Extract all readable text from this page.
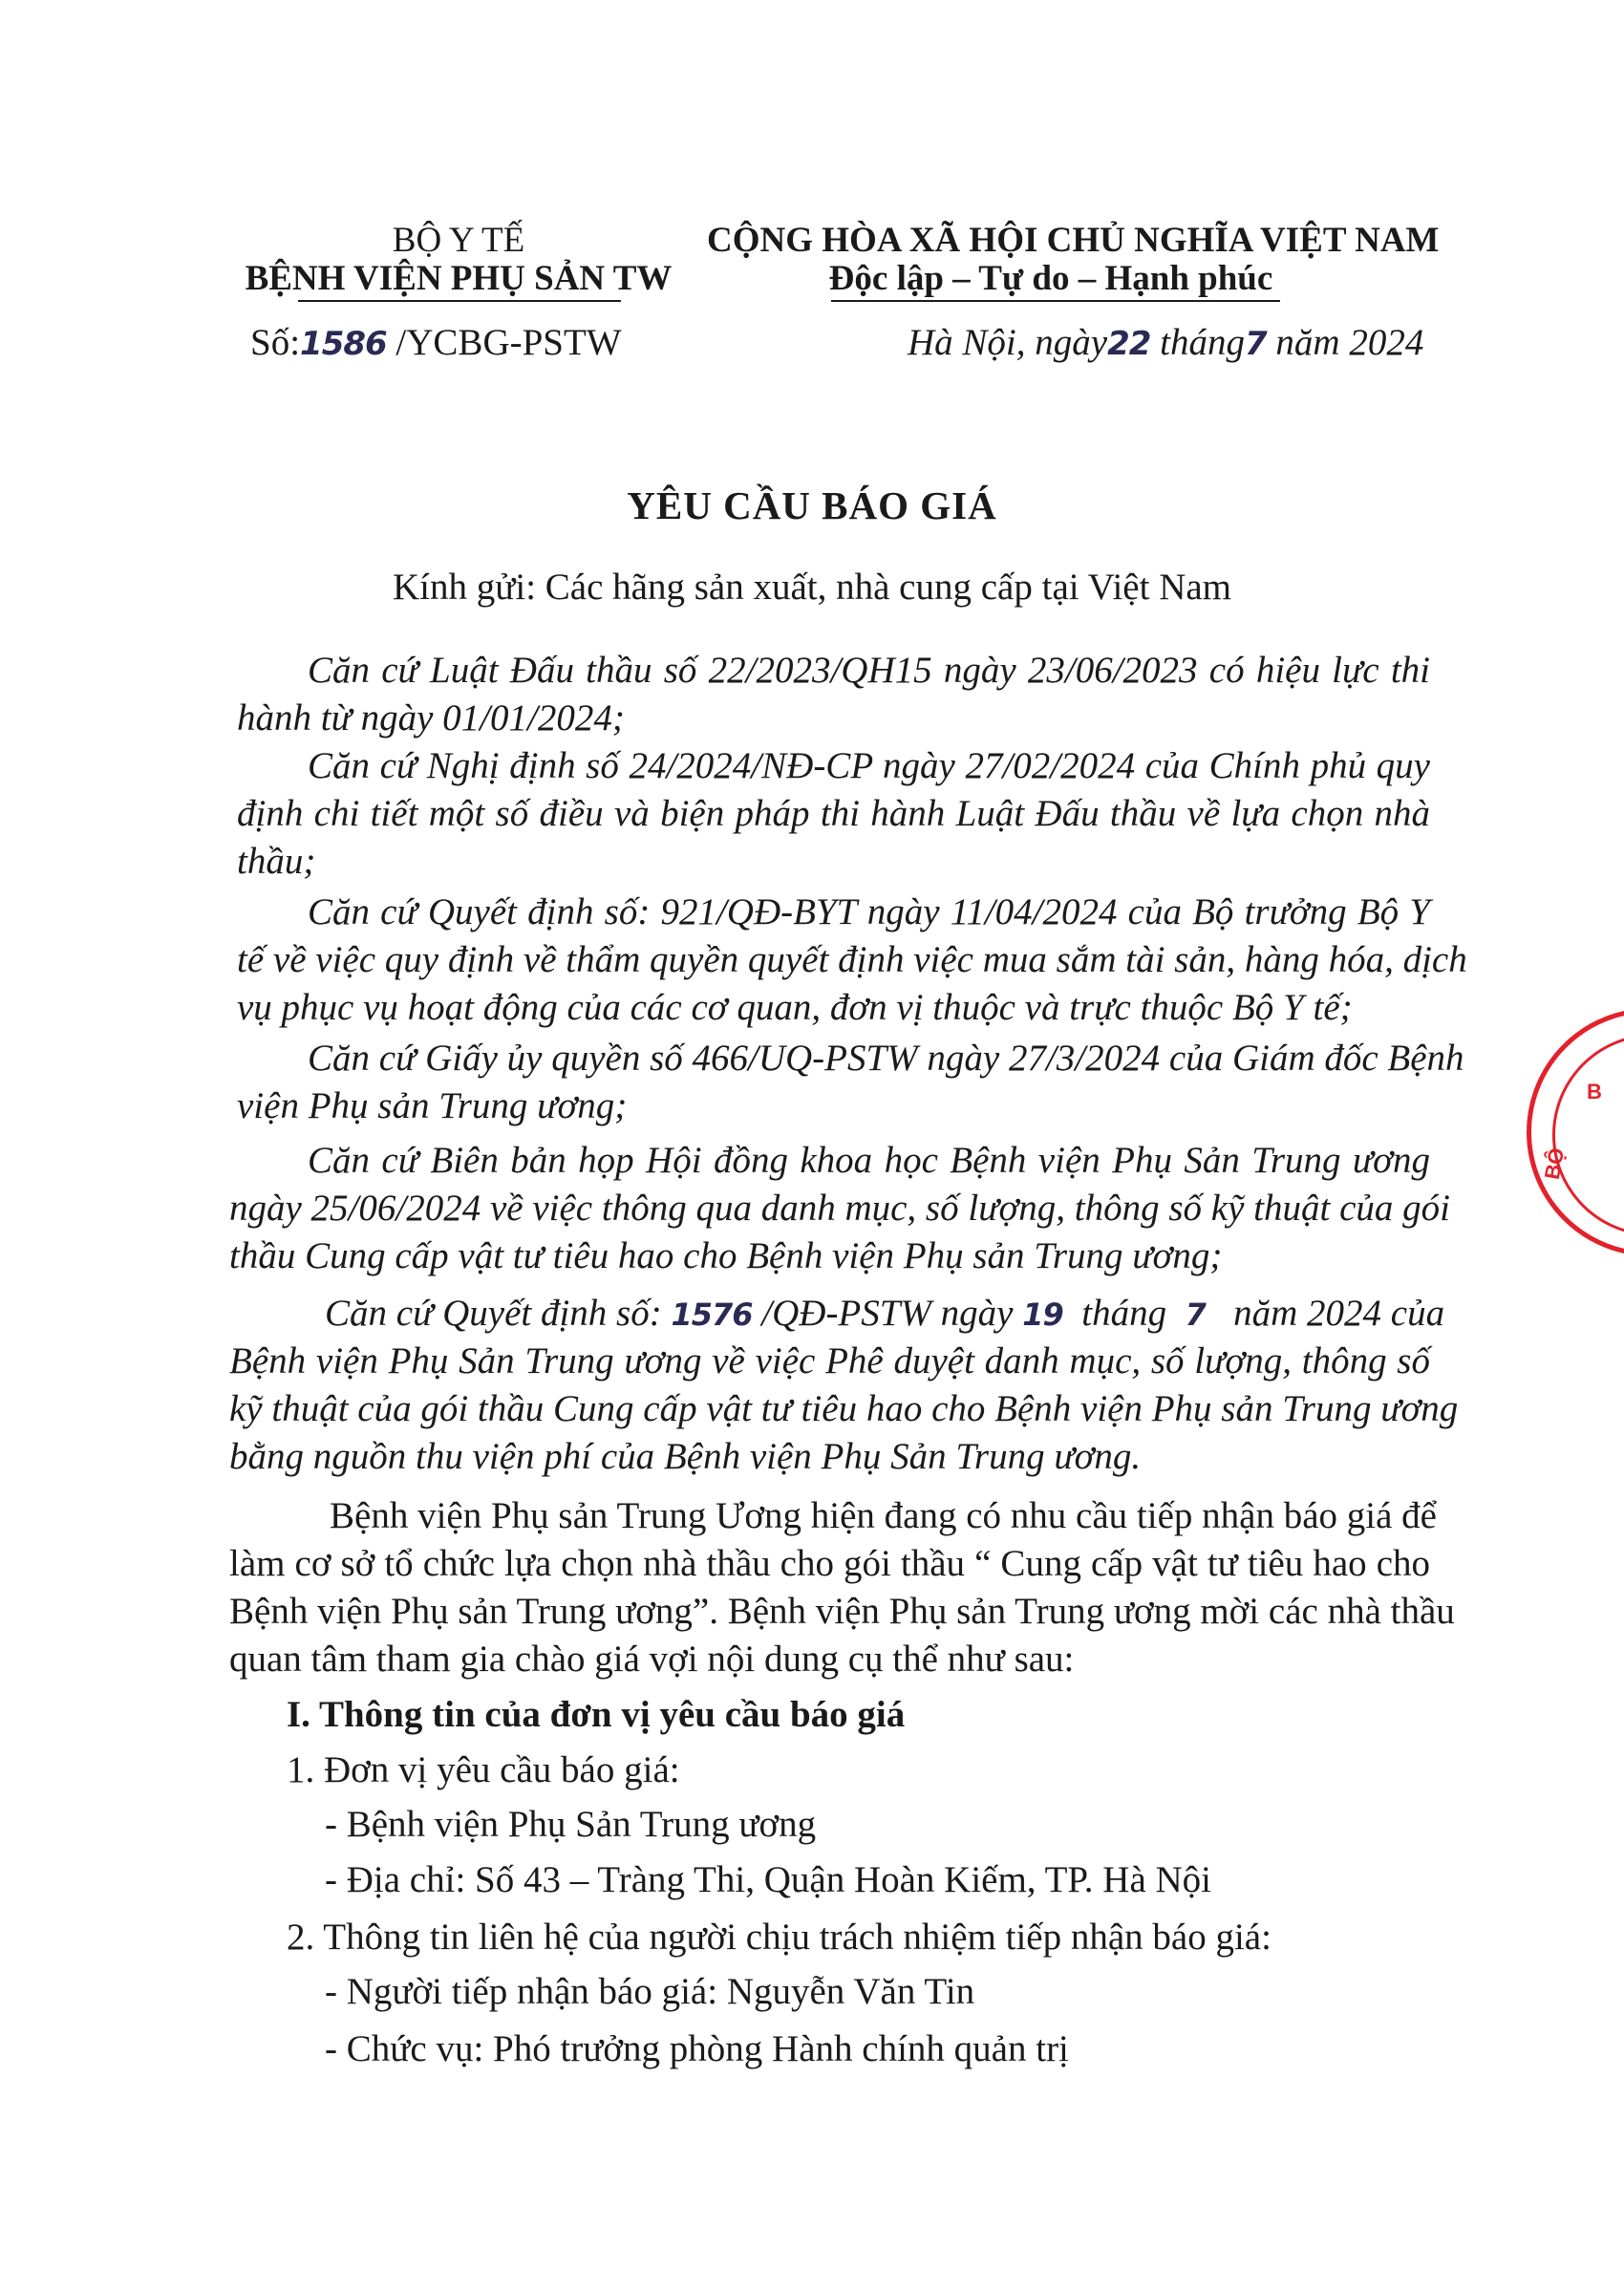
BỘ Y TẾ
BỆNH VIỆN PHỤ SẢN TW
Số:1586 /YCBG-PSTW
CỘNG HÒA XÃ HỘI CHỦ NGHĨA VIỆT NAM
Độc lập – Tự do – Hạnh phúc
Hà Nội, ngày22 tháng7 năm 2024
YÊU CẦU BÁO GIÁ
Kính gửi: Các hãng sản xuất, nhà cung cấp tại Việt Nam
Căn cứ Luật Đấu thầu số 22/2023/QH15 ngày 23/06/2023 có hiệu lực thi
hành từ ngày 01/01/2024;
Căn cứ Nghị định số 24/2024/NĐ-CP ngày 27/02/2024 của Chính phủ quy
định chi tiết một số điều và biện pháp thi hành Luật Đấu thầu về lựa chọn nhà
thầu;
Căn cứ Quyết định số: 921/QĐ-BYT ngày 11/04/2024 của Bộ trưởng Bộ Y
tế về việc quy định về thẩm quyền quyết định việc mua sắm tài sản, hàng hóa, dịch
vụ phục vụ hoạt động của các cơ quan, đơn vị thuộc và trực thuộc Bộ Y tế;
Căn cứ Giấy ủy quyền số 466/UQ-PSTW ngày 27/3/2024 của Giám đốc Bệnh
viện Phụ sản Trung ương;
Căn cứ Biên bản họp Hội đồng khoa học Bệnh viện Phụ Sản Trung ương
ngày 25/06/2024 về việc thông qua danh mục, số lượng, thông số kỹ thuật của gói
thầu Cung cấp vật tư tiêu hao cho Bệnh viện Phụ sản Trung ương;
Căn cứ Quyết định số: 1576 /QĐ-PSTW ngày 19 tháng 7 năm 2024 của
Bệnh viện Phụ Sản Trung ương về việc Phê duyệt danh mục, số lượng, thông số
kỹ thuật của gói thầu Cung cấp vật tư tiêu hao cho Bệnh viện Phụ sản Trung ương
bằng nguồn thu viện phí của Bệnh viện Phụ Sản Trung ương.
Bệnh viện Phụ sản Trung Ương hiện đang có nhu cầu tiếp nhận báo giá để
làm cơ sở tổ chức lựa chọn nhà thầu cho gói thầu “ Cung cấp vật tư tiêu hao cho
Bệnh viện Phụ sản Trung ương”. Bệnh viện Phụ sản Trung ương mời các nhà thầu
quan tâm tham gia chào giá vợi nội dung cụ thể như sau:
I. Thông tin của đơn vị yêu cầu báo giá
1. Đơn vị yêu cầu báo giá:
- Bệnh viện Phụ Sản Trung ương
- Địa chỉ: Số 43 – Tràng Thi, Quận Hoàn Kiếm, TP. Hà Nội
2. Thông tin liên hệ của người chịu trách nhiệm tiếp nhận báo giá:
- Người tiếp nhận báo giá: Nguyễn Văn Tin
- Chức vụ: Phó trưởng phòng Hành chính quản trị
B
BỘ
